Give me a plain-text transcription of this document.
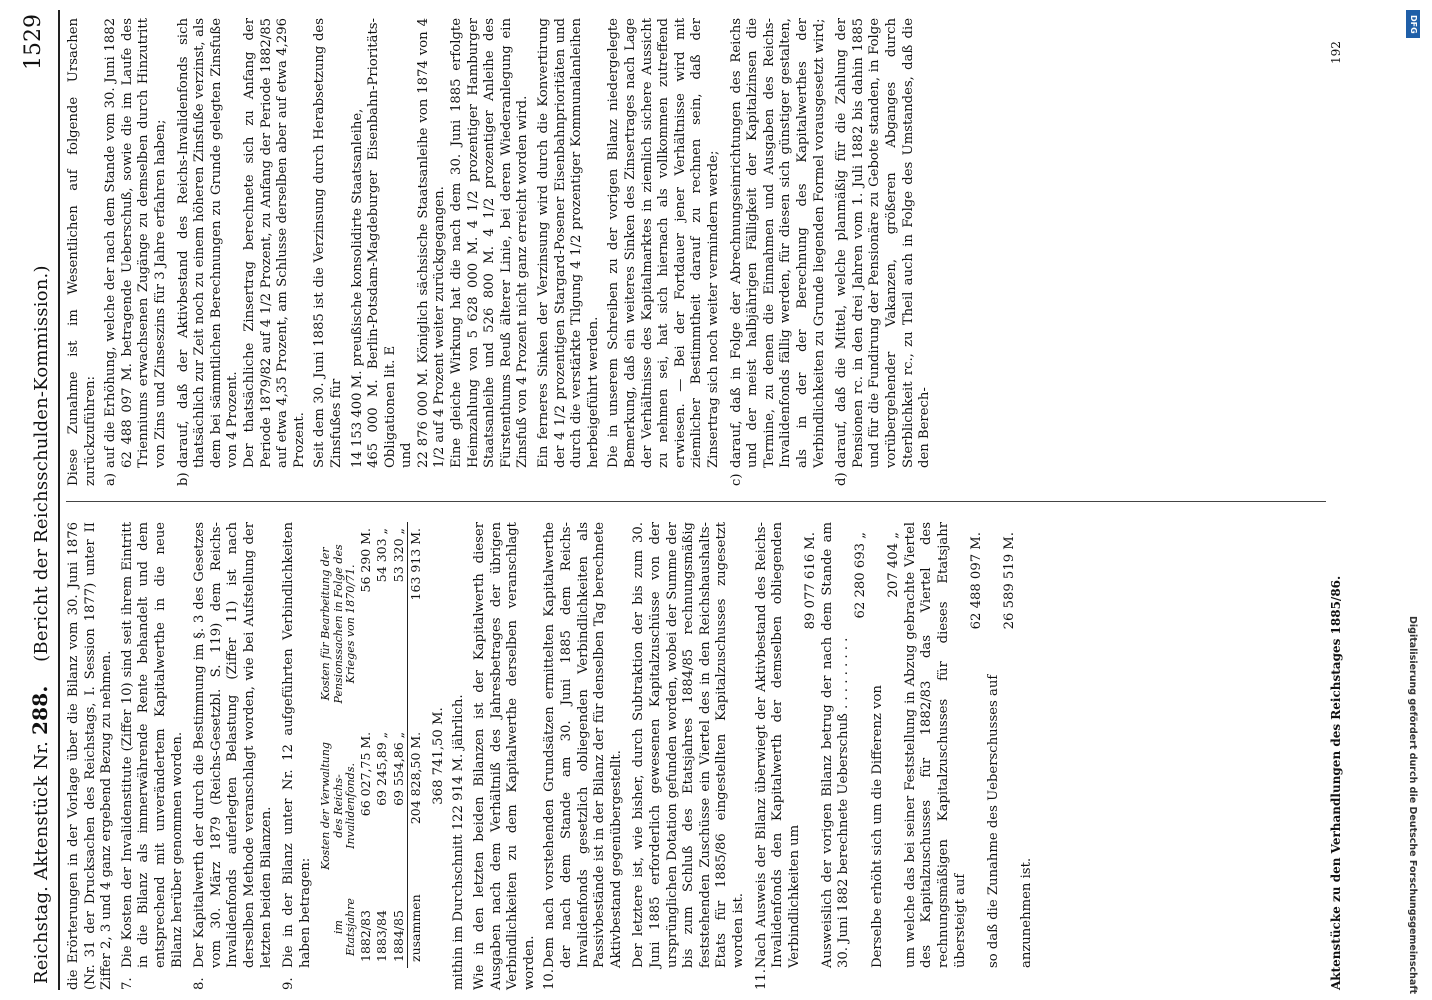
Reichstag. Aktenstück Nr. 288.    (Bericht der Reichsschulden-Kommission.)
1529

die Erörterungen in der Vorlage über die Bilanz vom 30. Juni 1876 (Nr. 31 der Drucksachen des Reichstags, I. Session 1877) unter II Ziffer 2, 3 und 4 ganz ergebend Bezug zu nehmen. 7.
Die Kosten der Invalidenstitute (Ziffer 10) sind seit ihrem Eintritt in die Bilanz als immerwährende Rente behandelt und dem entsprechend mit unverändertem Kapitalwerthe in die neue Bilanz herüber genommen worden.
8.
Der Kapitalwerth der durch die Bestimmung im §. 3 des Gesetzes vom 30. März 1879 (Reichs-Gesetzbl. S. 119) dem Reichs-Invalidenfonds auferlegten Belastung (Ziffer 11) ist nach derselben Methode veranschlagt worden, wie bei Aufstellung der letzten beiden Bilanzen.
9.
Die in der Bilanz unter Nr. 12 aufgeführten Verbindlichkeiten haben betragen: im Etatsjahre	Kosten der Verwaltung des Reichs-Invalidenfonds.	Kosten für Bearbeitung der Pensionssachen in Folge des Krieges von 1870/71.
1882/83	66 027,75 M.	56 290 M.
1883/84	69 245,89 „	54 303 „
1884/85	69 554,86 „	53 320 „
zusammen	204 828,50 M.	163 913 M.

368 741,50 M. mithin im Durchschnitt 122 914 M. jährlich. Wie in den letzten beiden Bilanzen ist der Kapitalwerth dieser Ausgaben nach dem Verhältniß des Jahresbetrages der übrigen Verbindlichkeiten zu dem Kapitalwerthe derselben veranschlagt worden. 10.
Dem nach vorstehenden Grundsätzen ermittelten Kapitalwerthe der nach dem Stande am 30. Juni 1885 dem Reichs-Invalidenfonds gesetzlich obliegenden Verbindlichkeiten als Passivbestände ist in der Bilanz der für denselben Tag berechnete Aktivbestand gegenübergestellt. Der letztere ist, wie bisher, durch Subtraktion der bis zum 30. Juni 1885 erforderlich gewesenen Kapitalzuschüsse von der ursprünglichen Dotation gefunden worden, wobei der Summe der bis zum Schluß des Etatsjahres 1884/85 rechnungsmäßig feststehenden Zuschüsse ein Viertel des in den Reichshaushalts-Etats für 1885/86 eingestellten Kapitalzuschusses zugesetzt worden ist.
11.
Nach Ausweis der Bilanz überwiegt der Aktivbestand des Reichs-Invalidenfonds den Kapitalwerth der demselben obliegenden Verbindlichkeiten um
89 077 616 M. Ausweislich der vorigen Bilanz betrug der nach dem Stande am 30. Juni 1882 berechnete Ueberschuß . . . . . . . . .
62 280 693 „
Derselbe erhöht sich um die Differenz von
207 404 „ um welche das bei seiner Feststellung in Abzug gebrachte Viertel des Kapitalzuschusses für 1882/83 das Viertel des rechnungsmäßigen Kapitalzuschusses für dieses Etatsjahr übersteigt auf
62 488 097 M.
so daß die Zunahme des Ueberschusses auf
26 589 519 M.
anzunehmen ist.

Diese Zunahme ist im Wesentlichen auf folgende Ursachen zurückzuführen: a)
auf die Erhöhung, welche der nach dem Stande vom 30. Juni 1882 62 488 097 M. betragende Ueberschuß, sowie die im Laufe des Trienniums erwachsenen Zugänge zu demselben durch Hinzutritt von Zins und Zinseszins für 3 Jahre erfahren haben;
b)
darauf, daß der Aktivbestand des Reichs-Invalidenfonds sich thatsächlich zur Zeit noch zu einem höheren Zinsfuße verzinst, als dem bei sämmtlichen Berechnungen zu Grunde gelegten Zinsfuße von 4 Prozent. Der thatsächliche Zinsertrag berechnete sich zu Anfang der Periode 1879/82 auf 4 1/2 Prozent, zu Anfang der Periode 1882/85 auf etwa 4,35 Prozent, am Schlusse derselben aber auf etwa 4,296 Prozent. Seit dem 30. Juni 1885 ist die Verzinsung durch Herabsetzung des Zinsfußes für 14 153 400 M. preußische konsolidirte Staatsanleihe,
465 000 M. Berlin-Potsdam-Magdeburger Eisenbahn-Prioritäts-Obligationen lit. E und 22 876 000 M. Königlich sächsische Staatsanleihe von 1874 von 4 1/2 auf 4 Prozent weiter zurückgegangen. Eine gleiche Wirkung hat die nach dem 30. Juni 1885 erfolgte Heimzahlung von 5 628 000 M. 4 1/2 prozentiger Hamburger Staatsanleihe und 526 800 M. 4 1/2 prozentiger Anleihe des Fürstenthums Reuß älterer Linie, bei deren Wiederanlegung ein Zinsfuß von 4 Prozent nicht ganz erreicht worden wird. Ein ferneres Sinken der Verzinsung wird durch die Konvertirung der 4 1/2 prozentigen Stargard-Posener Eisenbahnprioritäten und durch die verstärkte Tilgung 4 1/2 prozentiger Kommunalanleihen herbeigeführt werden. Die in unserem Schreiben zu der vorigen Bilanz niedergelegte Bemerkung, daß ein weiteres Sinken des Zinsertrages nach Lage der Verhältnisse des Kapitalmarktes in ziemlich sichere Aussicht zu nehmen sei, hat sich hiernach als vollkommen zutreffend erwiesen. — Bei der Fortdauer jener Verhältnisse wird mit ziemlicher Bestimmtheit darauf zu rechnen sein, daß der Zinsertrag sich noch weiter vermindern werde;

c)
darauf, daß in Folge der Abrechnungseinrichtungen des Reichs und der meist halbjährigen Fälligkeit der Kapitalzinsen die Termine, zu denen die Einnahmen und Ausgaben des Reichs-Invalidenfonds fällig werden, für diesen sich günstiger gestalten, als in der der Berechnung des Kapitalwerthes der Verbindlichkeiten zu Grunde liegenden Formel vorausgesetzt wird;
d)
darauf, daß die Mittel, welche planmäßig für die Zahlung der Pensionen rc. in den drei Jahren vom 1. Juli 1882 bis dahin 1885 und für die Fundirung der Pensionäre zu Gebote standen, in Folge vorübergehender Vakanzen, größeren Abganges durch Sterblichkeit rc., zu Theil auch in Folge des Umstandes, daß die den Berech-
Aktenstücke zu den Verhandlungen des Reichstages 1885/86.
192
Digitalisierung gefördert durch die Deutsche Forschungsgemeinschaft
DFG
